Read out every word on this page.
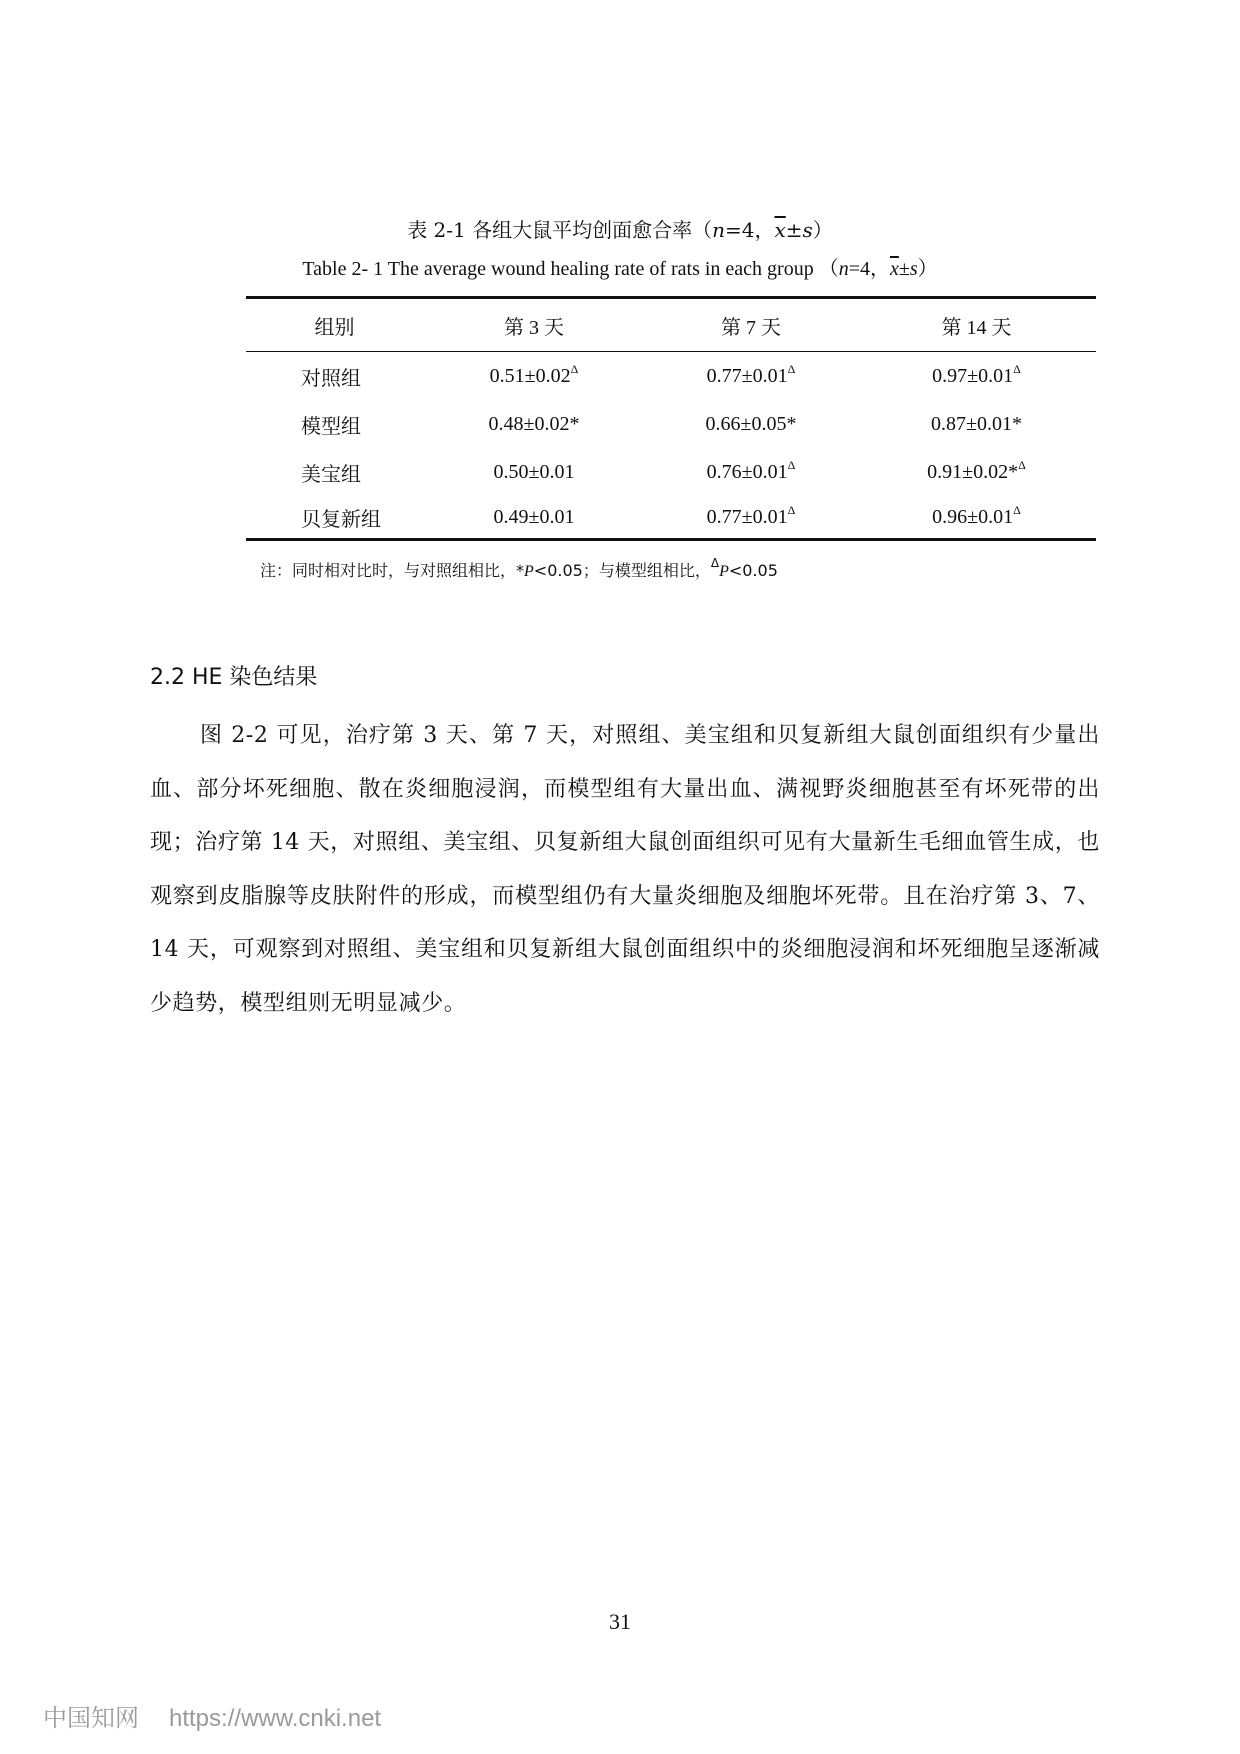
表 2-1 各组大鼠平均创面愈合率（n=4，$\overline{x}\pm s$）
Table 2- 1 The average wound healing rate of rats in each group （n=4，$\overline{x}\pm s$）
组别	第 3 天	第 7 天	第 14 天
对照组	$0.51\pm 0.02^\Delta$	$0.77\pm 0.01^\Delta$	$0.97\pm 0.01^\Delta$
模型组	0.48±0.02*	0.66±0.05*	0.87±0.01*
美宝组	0.50±0.01	$0.76\pm 0.01^\Delta$	0.91±0.02*$^\Delta$
贝复新组	0.49±0.01	$0.77\pm 0.01^\Delta$	$0.96\pm 0.01^\Delta$
注：同时相对比时，与对照组相比，*P<0.05；与模型组相比，$^\Delta$P<0.05
2.2 HE 染色结果
图 2-2 可见，治疗第 3 天、第 7 天，对照组、美宝组和贝复新组大鼠创面组织有少量出血、部分坏死细胞、散在炎细胞浸润，而模型组有大量出血、满视野炎细胞甚至有坏死带的出现；治疗第 14 天，对照组、美宝组、贝复新组大鼠创面组织可见有大量新生毛细血管生成，也观察到皮脂腺等皮肤附件的形成，而模型组仍有大量炎细胞及细胞坏死带。且在治疗第 3、7、14 天，可观察到对照组、美宝组和贝复新组大鼠创面组织中的炎细胞浸润和坏死细胞呈逐渐减少趋势，模型组则无明显减少。
31
中国知网 https://www.cnki.net
